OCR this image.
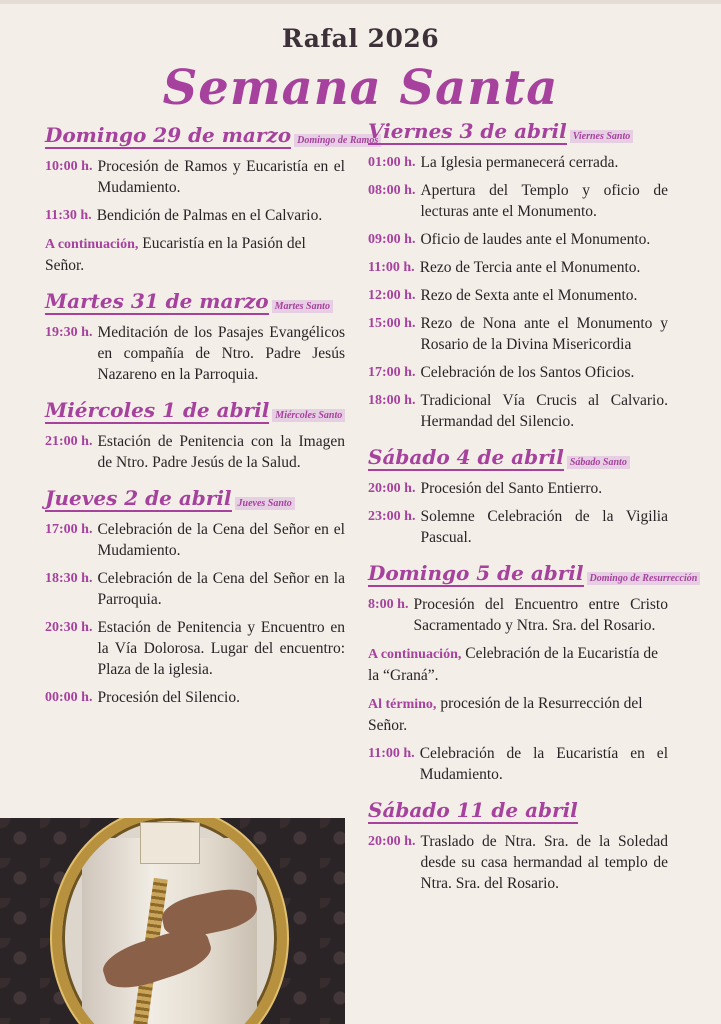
Rafal 2026
Semana Santa
Domingo 29 de marzo Domingo de Ramos
10:00 h. Procesión de Ramos y Eucaristía en el Mudamiento.
11:30 h. Bendición de Palmas en el Calvario.
A continuación, Eucaristía en la Pasión del Señor.
Martes 31 de marzo Martes Santo
19:30 h. Meditación de los Pasajes Evangélicos en compañía de Ntro. Padre Jesús Nazareno en la Parroquia.
Miércoles 1 de abril Miércoles Santo
21:00 h. Estación de Penitencia con la Imagen de Ntro. Padre Jesús de la Salud.
Jueves 2 de abril Jueves Santo
17:00 h. Celebración de la Cena del Señor en el Mudamiento.
18:30 h. Celebración de la Cena del Señor en la Parroquia.
20:30 h. Estación de Penitencia y Encuentro en la Vía Dolorosa. Lugar del encuentro: Plaza de la iglesia.
00:00 h. Procesión del Silencio.
Viernes 3 de abril Viernes Santo
01:00 h. La Iglesia permanecerá cerrada.
08:00 h. Apertura del Templo y oficio de lecturas ante el Monumento.
09:00 h. Oficio de laudes ante el Monumento.
11:00 h. Rezo de Tercia ante el Monumento.
12:00 h. Rezo de Sexta ante el Monumento.
15:00 h. Rezo de Nona ante el Monumento y Rosario de la Divina Misericordia
17:00 h. Celebración de los Santos Oficios.
18:00 h. Tradicional Vía Crucis al Calvario. Hermandad del Silencio.
Sábado 4 de abril Sábado Santo
20:00 h. Procesión del Santo Entierro.
23:00 h. Solemne Celebración de la Vigilia Pascual.
Domingo 5 de abril Domingo de Resurrección
8:00 h. Procesión del Encuentro entre Cristo Sacramentado y Ntra. Sra. del Rosario.
A continuación, Celebración de la Eucaristía de la “Graná”.
Al término, procesión de la Resurrección del Señor.
11:00 h. Celebración de la Eucaristía en el Mudamiento.
Sábado 11 de abril
20:00 h. Traslado de Ntra. Sra. de la Soledad desde su casa hermandad al templo de Ntra. Sra. del Rosario.
